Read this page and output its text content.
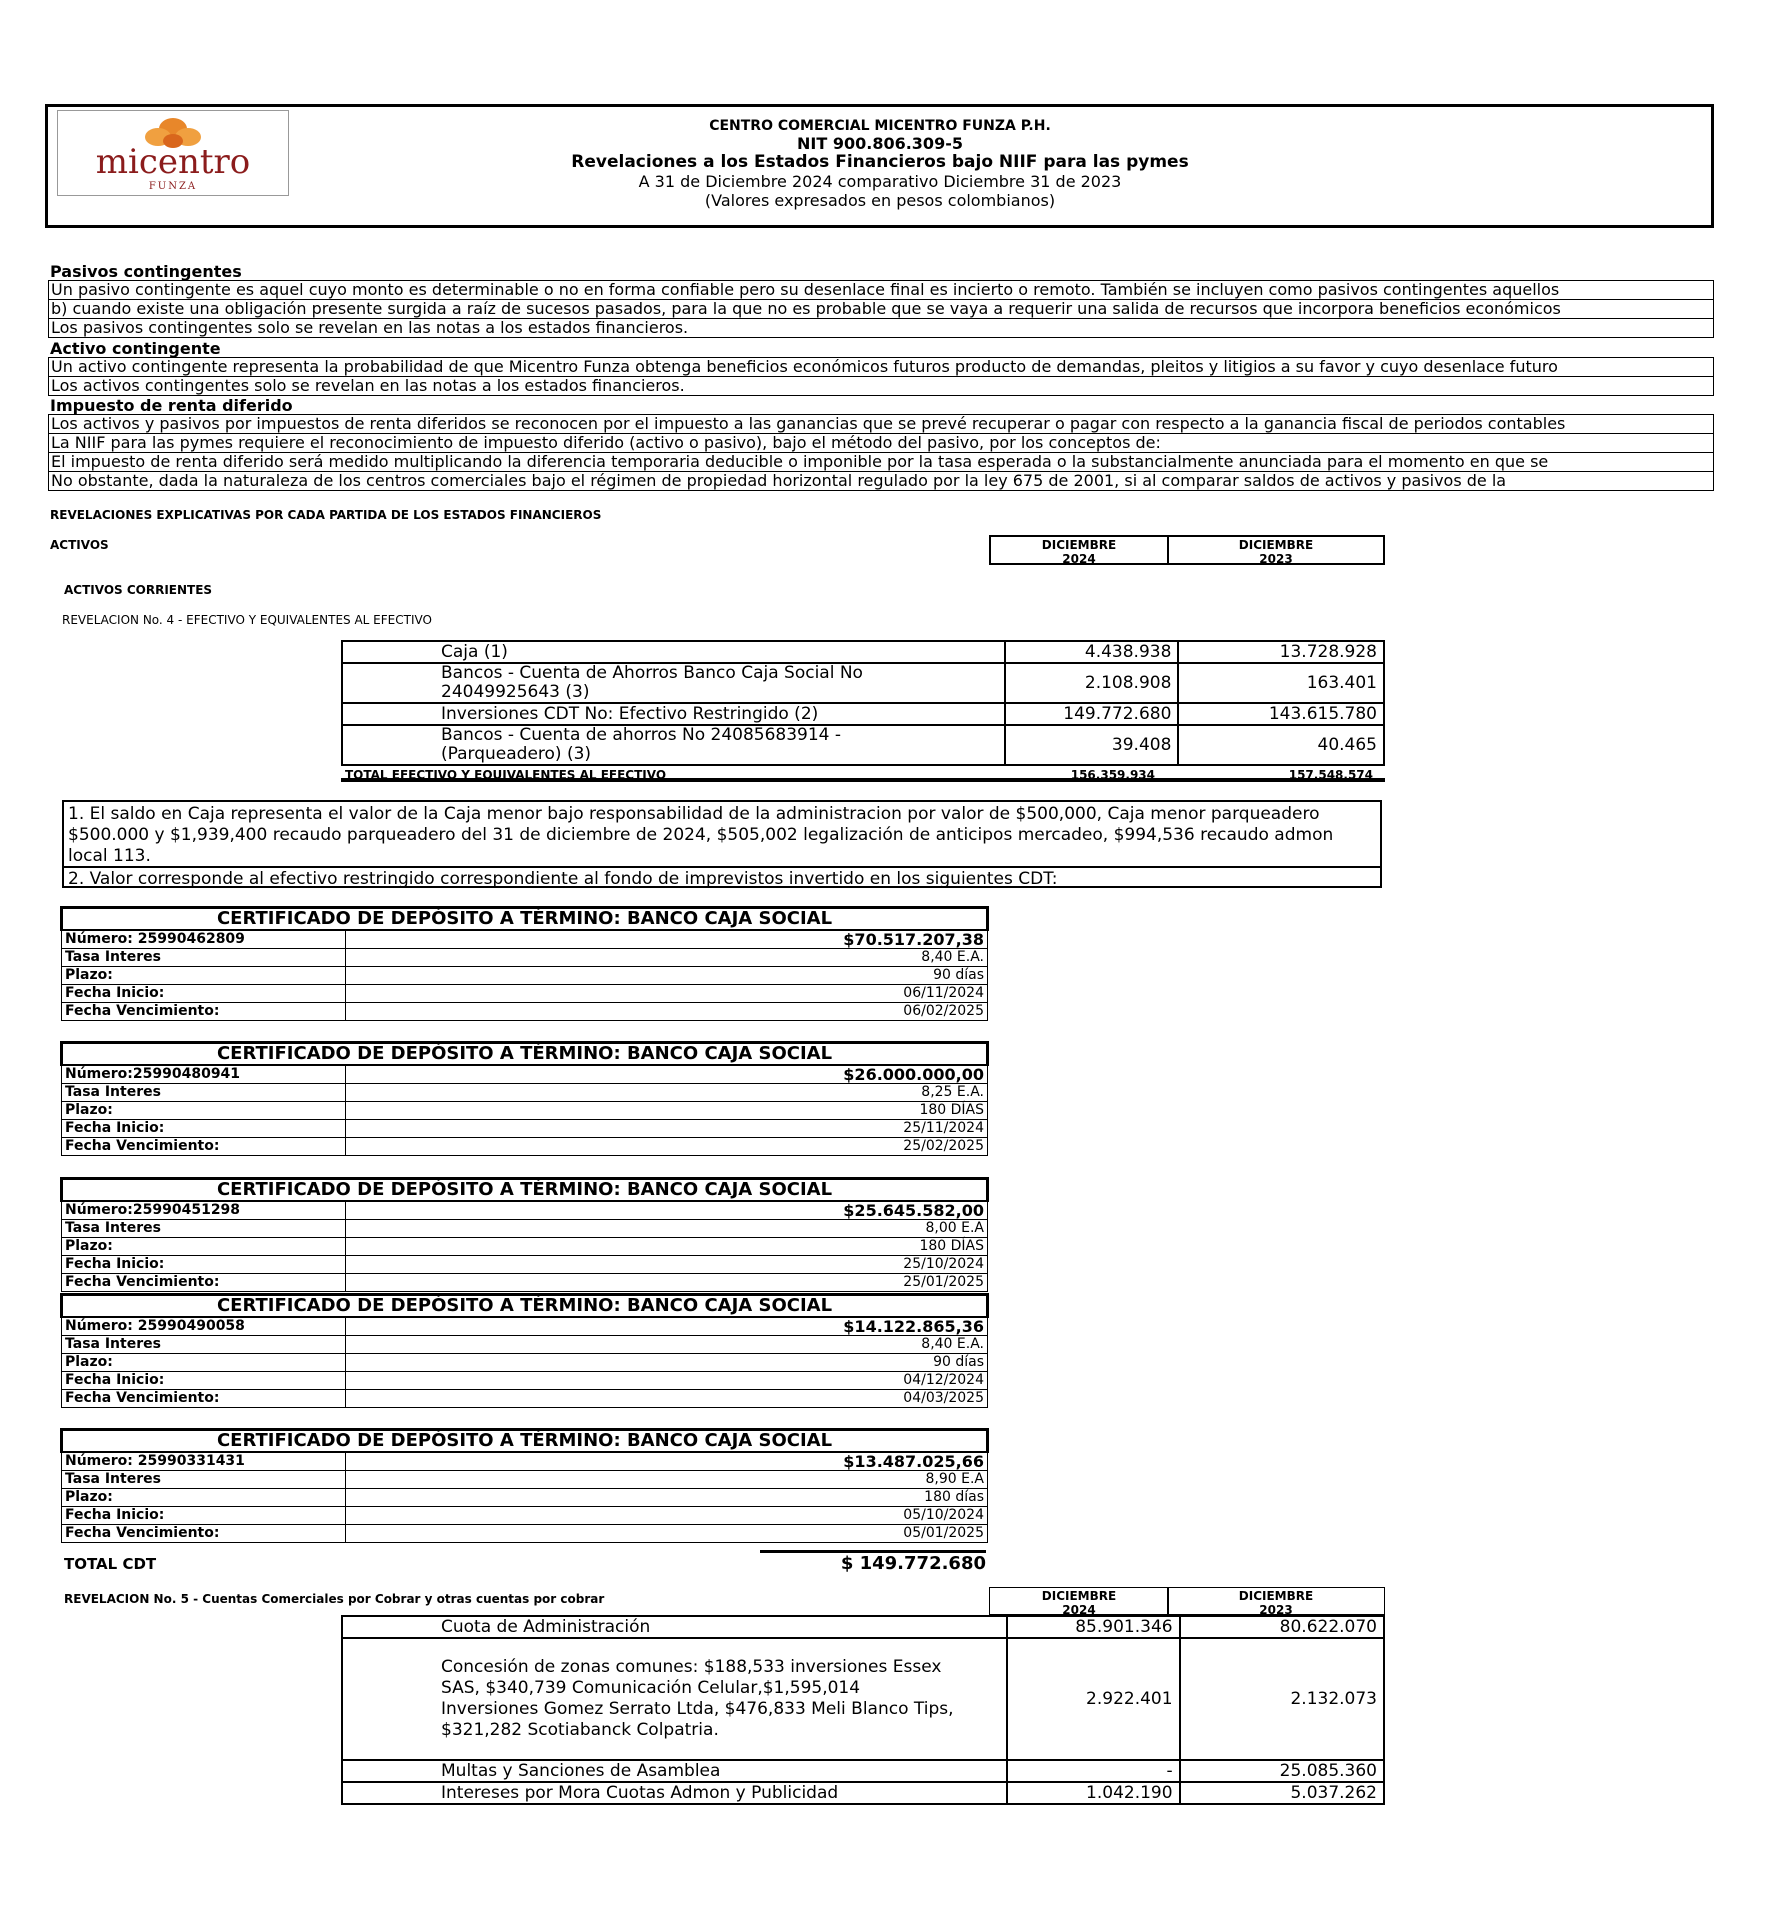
micentro
FUNZA
CENTRO COMERCIAL MICENTRO FUNZA P.H.
NIT 900.806.309-5
Revelaciones a los Estados Financieros bajo NIIF para las pymes
A 31 de Diciembre 2024 comparativo Diciembre 31 de 2023
(Valores expresados en pesos colombianos)
Pasivos contingentes
Un pasivo contingente es aquel cuyo monto es determinable o no en forma confiable pero su desenlace final es incierto o remoto. También se incluyen como pasivos contingentes aquellos
b) cuando existe una obligación presente surgida a raíz de sucesos pasados, para la que no es probable que se vaya a requerir una salida de recursos que incorpora beneficios económicos
Los pasivos contingentes solo se revelan en las notas a los estados financieros.
Activo contingente
Un activo contingente representa la probabilidad de que Micentro Funza obtenga beneficios económicos futuros producto de demandas, pleitos y litigios a su favor y cuyo desenlace futuro
Los activos contingentes solo se revelan en las notas a los estados financieros.
Impuesto de renta diferido
Los activos y pasivos por impuestos de renta diferidos se reconocen por el impuesto a las ganancias que se prevé recuperar o pagar con respecto a la ganancia fiscal de periodos contables
La NIIF para las pymes requiere el reconocimiento de impuesto diferido (activo o pasivo), bajo el método del pasivo, por los conceptos de:
El impuesto de renta diferido será medido multiplicando la diferencia temporaria deducible o imponible por la tasa esperada o la substancialmente anunciada para el momento en que se
No obstante, dada la naturaleza de los centros comerciales bajo el régimen de propiedad horizontal regulado por la ley 675 de 2001, si al comparar saldos de activos y pasivos de la
REVELACIONES EXPLICATIVAS POR CADA PARTIDA DE LOS ESTADOS FINANCIEROS
ACTIVOS	DICIEMBRE
2024
DICIEMBRE
2023
ACTIVOS CORRIENTES
REVELACION No. 4 - EFECTIVO Y EQUIVALENTES AL EFECTIVO
Caja (1)	4.438.938	13.728.928
Bancos - Cuenta de Ahorros Banco Caja Social No 24049925643 (3)	2.108.908	163.401
Inversiones CDT No: Efectivo Restringido (2)	149.772.680	143.615.780
Bancos - Cuenta de ahorros No 24085683914 - (Parqueadero) (3)	39.408	40.465
TOTAL EFECTIVO Y EQUIVALENTES AL EFECTIVO	156.359.934	157.548.574
1. El saldo en Caja representa el valor de la Caja menor bajo responsabilidad de la administracion por valor de $500,000, Caja menor parqueadero $500.000 y $1,939,400 recaudo parqueadero del 31 de diciembre de 2024, $505,002 legalización de anticipos mercadeo, $994,536 recaudo admon local 113.
2. Valor corresponde al efectivo restringido correspondiente al fondo de imprevistos invertido en los siguientes CDT:
CERTIFICADO DE DEPÓSITO A TÉRMINO: BANCO CAJA SOCIAL	
Número: 25990462809	$70.517.207,38
Tasa Interes	8,40 E.A.
Plazo:	90 días
Fecha Inicio:	06/11/2024
Fecha Vencimiento:	06/02/2025
CERTIFICADO DE DEPÓSITO A TÉRMINO: BANCO CAJA SOCIAL	
Número:25990480941	$26.000.000,00
Tasa Interes	8,25 E.A.
Plazo:	180 DÍAS
Fecha Inicio:	25/11/2024
Fecha Vencimiento:	25/02/2025
CERTIFICADO DE DEPÓSITO A TÉRMINO: BANCO CAJA SOCIAL	
Número:25990451298	$25.645.582,00
Tasa Interes	8,00 E.A
Plazo:	180 DÍAS
Fecha Inicio:	25/10/2024
Fecha Vencimiento:	25/01/2025
CERTIFICADO DE DEPÓSITO A TÉRMINO: BANCO CAJA SOCIAL	
Número: 25990490058	$14.122.865,36
Tasa Interes	8,40 E.A.
Plazo:	90 días
Fecha Inicio:	04/12/2024
Fecha Vencimiento:	04/03/2025
CERTIFICADO DE DEPÓSITO A TÉRMINO: BANCO CAJA SOCIAL	
Número: 25990331431	$13.487.025,66
Tasa Interes	8,90 E.A
Plazo:	180 días
Fecha Inicio:	05/10/2024
Fecha Vencimiento:	05/01/2025
TOTAL CDT	$ 149.772.680
REVELACION No. 5 - Cuentas Comerciales por Cobrar y otras cuentas por cobrar	DICIEMBRE
2024
DICIEMBRE
2023
Cuota de Administración	85.901.346	80.622.070
Concesión de zonas comunes: $188,533 inversiones Essex SAS, $340,739 Comunicación Celular,$1,595,014 Inversiones Gomez Serrato Ltda, $476,833 Meli Blanco Tips, $321,282 Scotiabanck Colpatria.	2.922.401	2.132.073
Multas y Sanciones de Asamblea	-	25.085.360
Intereses por Mora Cuotas Admon y Publicidad	1.042.190	5.037.262
